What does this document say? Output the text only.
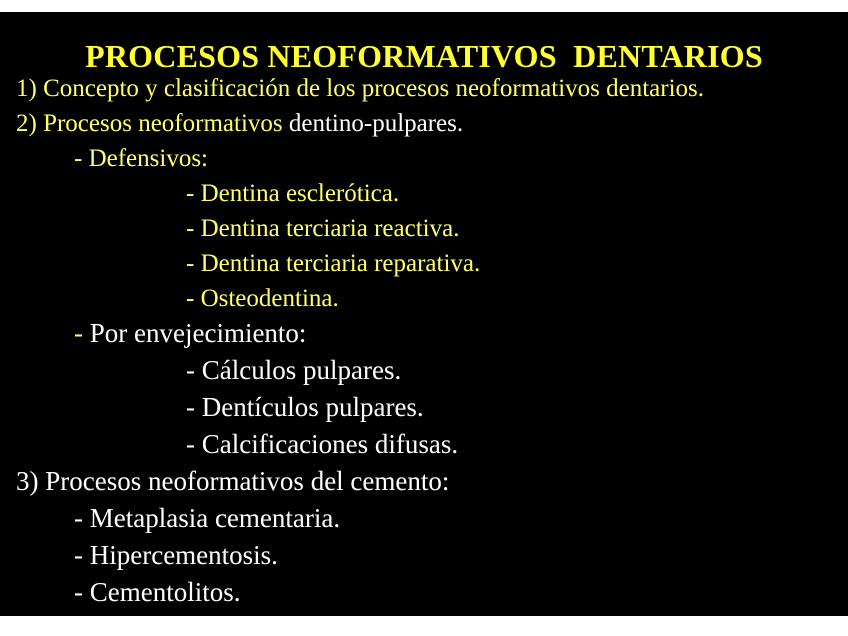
PROCESOS NEOFORMATIVOS  DENTARIOS
1) Concepto y clasificación de los procesos neoformativos dentarios.
2) Procesos neoformativos dentino-pulpares.
- Defensivos:
- Dentina esclerótica.
- Dentina terciaria reactiva.
- Dentina terciaria reparativa.
- Osteodentina.
- Por envejecimiento:
- Cálculos pulpares.
- Dentículos pulpares.
- Calcificaciones difusas.
3) Procesos neoformativos del cemento:
- Metaplasia cementaria.
- Hipercementosis.
- Cementolitos.
